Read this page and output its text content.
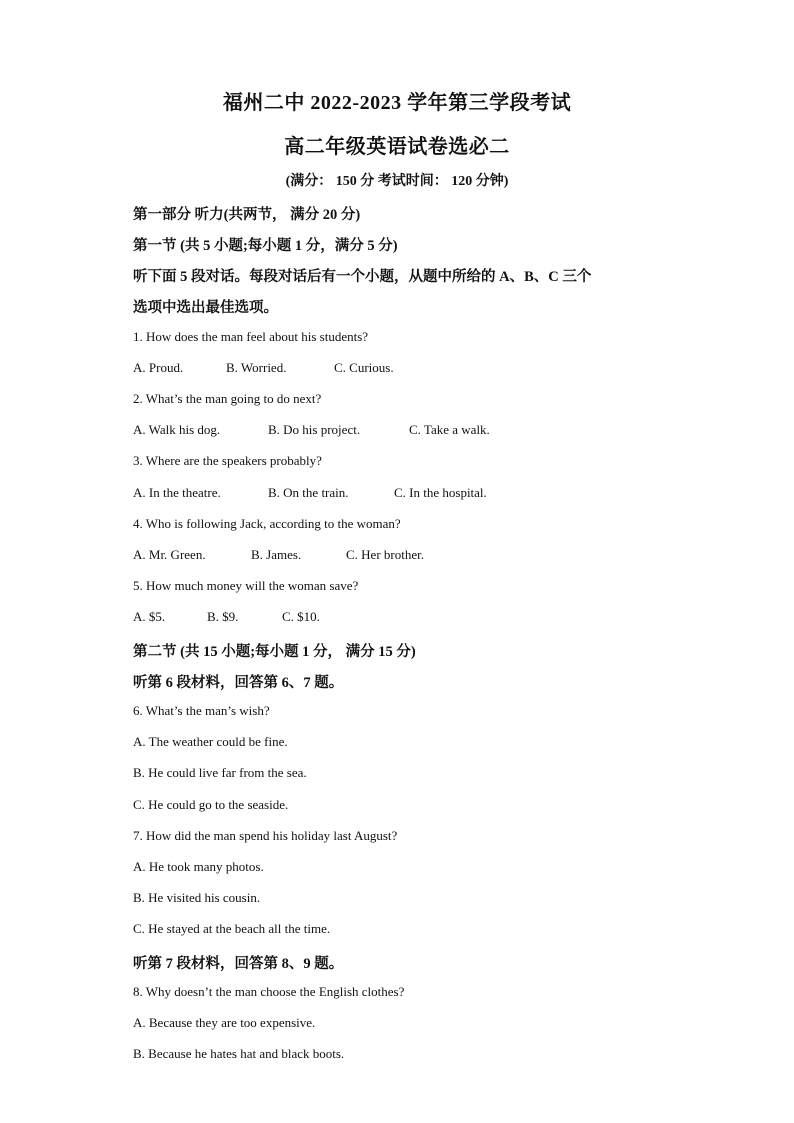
福州二中 2022-2023 学年第三学段考试
高二年级英语试卷选必二
(满分： 150 分 考试时间： 120 分钟)
第一部分 听力(共两节， 满分 20 分)
第一节 (共 5 小题;每小题 1 分，满分 5 分)
听下面 5 段对话。每段对话后有一个小题，从题中所给的 A、B、C 三个
选项中选出最佳选项。
1. How does the man feel about his students?
A. Proud.	B. Worried.	C. Curious.
2. What’s the man going to do next?
A. Walk his dog.	B. Do his project.	C. Take a walk.
3. Where are the speakers probably?
A. In the theatre.	B. On the train.	C. In the hospital.
4. Who is following Jack, according to the woman?
A. Mr. Green.	B. James.	C. Her brother.
5. How much money will the woman save?
A. $5.	B. $9.	C. $10.
第二节 (共 15 小题;每小题 1 分， 满分 15 分)
听第 6 段材料，回答第 6、7 题。
6. What’s the man’s wish?
A. The weather could be fine.
B. He could live far from the sea.
C. He could go to the seaside.
7. How did the man spend his holiday last August?
A. He took many photos.
B. He visited his cousin.
C. He stayed at the beach all the time.
听第 7 段材料，回答第 8、9 题。
8. Why doesn’t the man choose the English clothes?
A. Because they are too expensive.
B. Because he hates hat and black boots.
